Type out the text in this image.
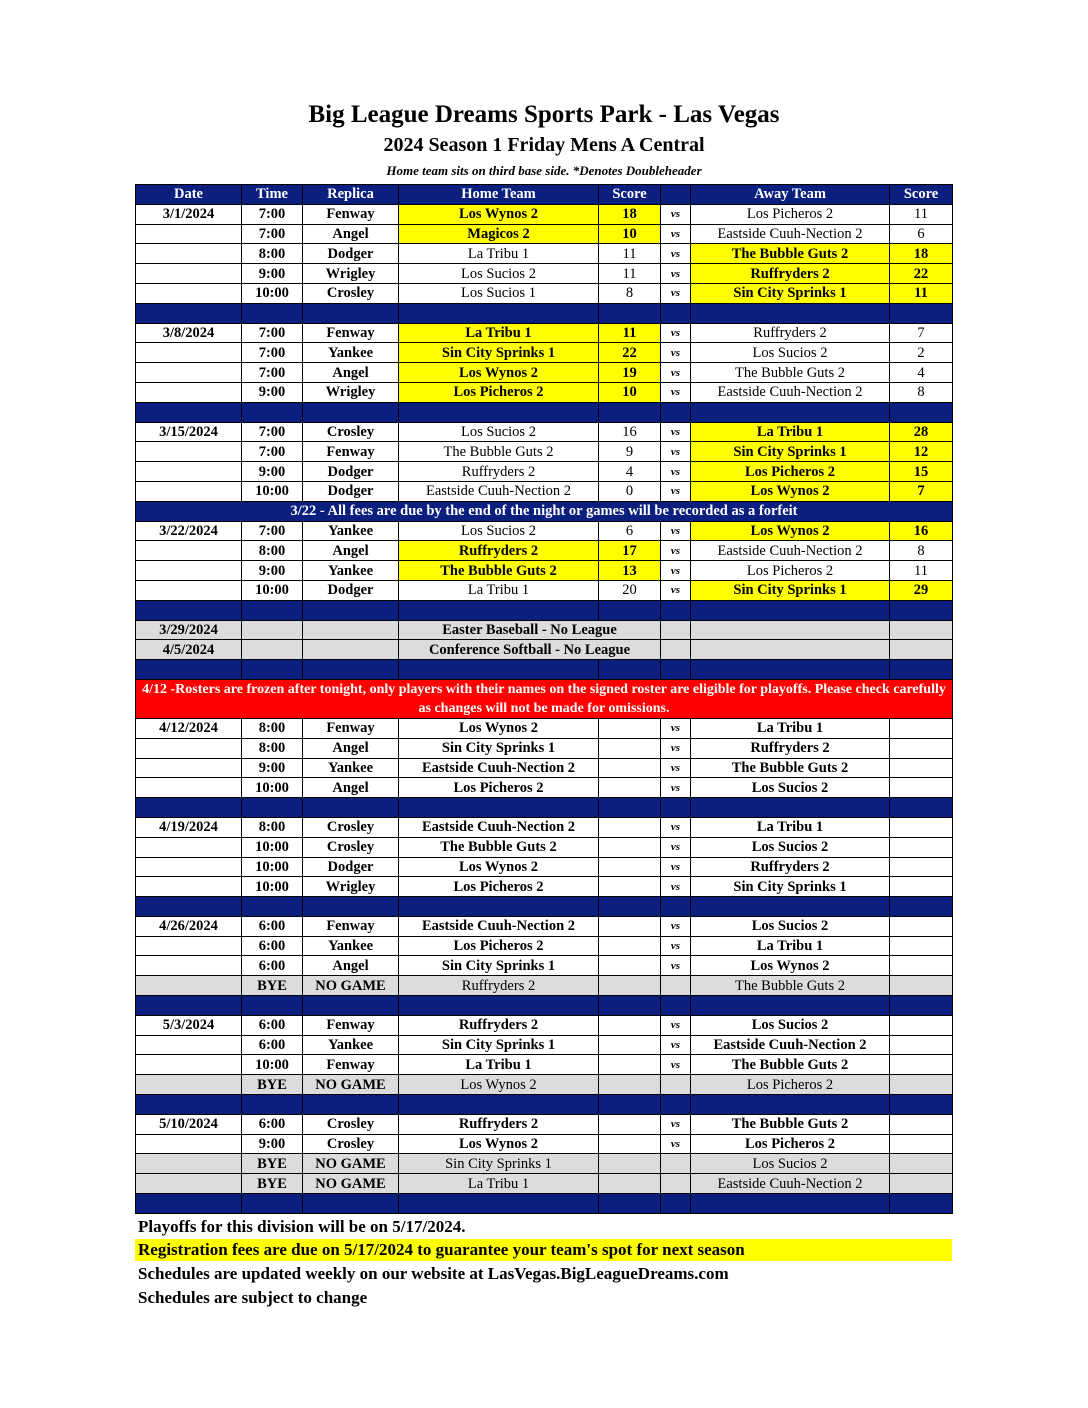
Big League Dreams Sports Park - Las Vegas
2024 Season 1 Friday Mens A Central
Home team sits on third base side. *Denotes Doubleheader
Date	Time	Replica	Home Team	Score		Away Team	Score
3/1/2024	7:00	Fenway	Los Wynos 2	18	vs	Los Picheros 2	11
	7:00	Angel	Magicos 2	10	vs	Eastside Cuuh-Nection 2	6
	8:00	Dodger	La Tribu 1	11	vs	The Bubble Guts 2	18
	9:00	Wrigley	Los Sucios 2	11	vs	Ruffryders 2	22
	10:00	Crosley	Los Sucios 1	8	vs	Sin City Sprinks 1	11

3/8/2024	7:00	Fenway	La Tribu 1	11	vs	Ruffryders 2	7
	7:00	Yankee	Sin City Sprinks 1	22	vs	Los Sucios 2	2
	7:00	Angel	Los Wynos 2	19	vs	The Bubble Guts 2	4
	9:00	Wrigley	Los Picheros 2	10	vs	Eastside Cuuh-Nection 2	8

3/15/2024	7:00	Crosley	Los Sucios 2	16	vs	La Tribu 1	28
	7:00	Fenway	The Bubble Guts 2	9	vs	Sin City Sprinks 1	12
	9:00	Dodger	Ruffryders 2	4	vs	Los Picheros 2	15
	10:00	Dodger	Eastside Cuuh-Nection 2	0	vs	Los Wynos 2	7
3/22 - All fees are due by the end of the night or games will be recorded as a forfeit							
3/22/2024	7:00	Yankee	Los Sucios 2	6	vs	Los Wynos 2	16
	8:00	Angel	Ruffryders 2	17	vs	Eastside Cuuh-Nection 2	8
	9:00	Yankee	The Bubble Guts 2	13	vs	Los Picheros 2	11
	10:00	Dodger	La Tribu 1	20	vs	Sin City Sprinks 1	29

3/29/2024			Easter Baseball - No League				
4/5/2024			Conference Softball - No League				

4/12 -Rosters are frozen after tonight, only players with their names on the signed roster are eligible for playoffs. Please check carefully as changes will not be made for omissions.							
4/12/2024	8:00	Fenway	Los Wynos 2		vs	La Tribu 1	
	8:00	Angel	Sin City Sprinks 1		vs	Ruffryders 2	
	9:00	Yankee	Eastside Cuuh-Nection 2		vs	The Bubble Guts 2	
	10:00	Angel	Los Picheros 2		vs	Los Sucios 2	

4/19/2024	8:00	Crosley	Eastside Cuuh-Nection 2		vs	La Tribu 1	
	10:00	Crosley	The Bubble Guts 2		vs	Los Sucios 2	
	10:00	Dodger	Los Wynos 2		vs	Ruffryders 2	
	10:00	Wrigley	Los Picheros 2		vs	Sin City Sprinks 1	

4/26/2024	6:00	Fenway	Eastside Cuuh-Nection 2		vs	Los Sucios 2	
	6:00	Yankee	Los Picheros 2		vs	La Tribu 1	
	6:00	Angel	Sin City Sprinks 1		vs	Los Wynos 2	
	BYE	NO GAME	Ruffryders 2			The Bubble Guts 2	

5/3/2024	6:00	Fenway	Ruffryders 2		vs	Los Sucios 2	
	6:00	Yankee	Sin City Sprinks 1		vs	Eastside Cuuh-Nection 2	
	10:00	Fenway	La Tribu 1		vs	The Bubble Guts 2	
	BYE	NO GAME	Los Wynos 2			Los Picheros 2	

5/10/2024	6:00	Crosley	Ruffryders 2		vs	The Bubble Guts 2	
	9:00	Crosley	Los Wynos 2		vs	Los Picheros 2	
	BYE	NO GAME	Sin City Sprinks 1			Los Sucios 2	
	BYE	NO GAME	La Tribu 1			Eastside Cuuh-Nection 2	

Playoffs for this division will be on 5/17/2024.
Registration fees are due on 5/17/2024 to guarantee your team's spot for next season
Schedules are updated weekly on our website at LasVegas.BigLeagueDreams.com
Schedules are subject to change
